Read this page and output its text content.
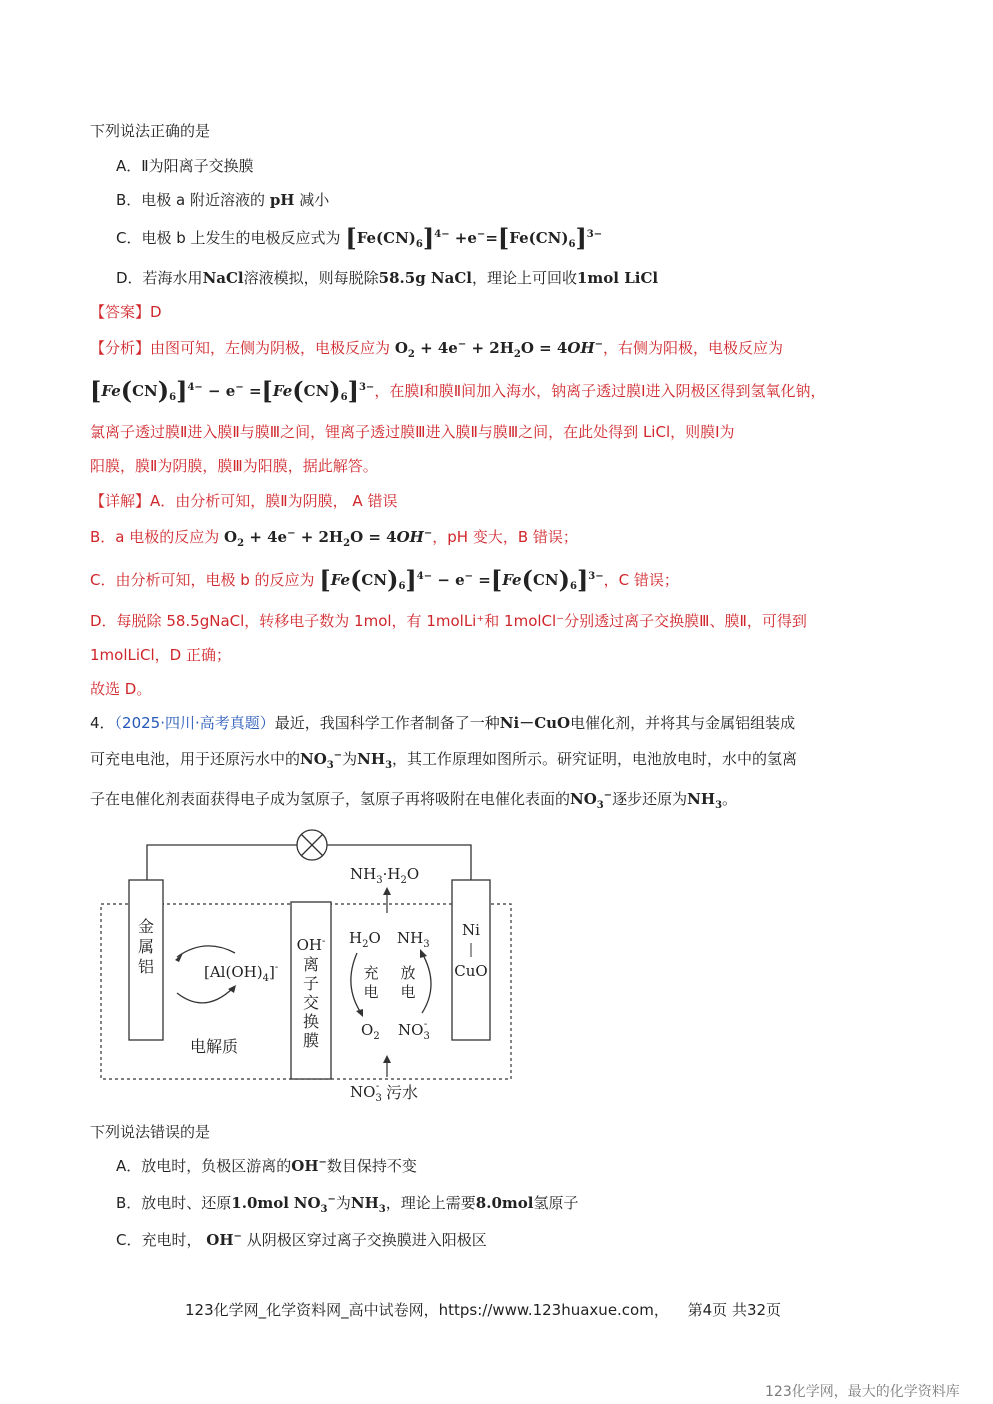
下列说法正确的是
A．Ⅱ为阳离子交换膜
B．电极 a 附近溶液的 pH 减小
C．电极 b 上发生的电极反应式为 $[Fe(CN)_6]^{4-} +e^-=[Fe(CN)_6]^{3-}$
D．若海水用NaCl溶液模拟，则每脱除58.5g NaCl，理论上可回收1mol LiCl
【答案】D
【分析】由图可知，左侧为阴极，电极反应为 $O_2 + 4e^- + 2H_2O = 4OH^-$，右侧为阳极，电极反应为
$[Fe(CN)_6]^{4-} - e^- =[Fe(CN)_6]^{3-}$，在膜Ⅰ和膜Ⅱ间加入海水，钠离子透过膜Ⅰ进入阴极区得到氢氧化钠，
氯离子透过膜Ⅱ进入膜Ⅱ与膜Ⅲ之间，锂离子透过膜Ⅲ进入膜Ⅱ与膜Ⅲ之间，在此处得到 LiCl，则膜Ⅰ为
阳膜，膜Ⅱ为阴膜，膜Ⅲ为阳膜，据此解答。
【详解】A．由分析可知，膜Ⅱ为阴膜， A 错误
B．a 电极的反应为 $O_2 + 4e^- + 2H_2O = 4OH^-$，pH 变大，B 错误；
C．由分析可知，电极 b 的反应为 $[Fe(CN)_6]^{4-} - e^- =[Fe(CN)_6]^{3-}$，C 错误；
D．每脱除 58.5gNaCl，转移电子数为 1mol，有 1molLi⁺和 1molCl⁻分别透过离子交换膜Ⅲ、膜Ⅱ，可得到
1molLiCl，D 正确；
故选 D。
4．（2025·四川·高考真题）最近，我国科学工作者制备了一种Ni－CuO电催化剂，并将其与金属铝组装成
可充电电池，用于还原污水中的$NO_3^-$为$NH_3$，其工作原理如图所示。研究证明，电池放电时，水中的氢离
子在电催化剂表面获得电子成为氢原子，氢原子再将吸附在电催化表面的$NO_3^-$逐步还原为$NH_3$。
金属铝
OH-
离子交换膜
Ni
CuO
$[Al(OH)_4]^-$
电解质
$H_2O$ $NH_3$
充电
放电
$O_2$ $NO_3-$
$NH_3\cdot H_2O$
$NO_3-$ 污水
下列说法错误的是
A．放电时，负极区游离的OH−数目保持不变
B．放电时、还原1.0mol $NO_3^-$为$NH_3$，理论上需要8.0mol氢原子
C．充电时， OH− 从阴极区穿过离子交换膜进入阳极区
123化学网_化学资料网_高中试卷网，https://www.123huaxue.com， 第4页 共32页
123化学网，最大的化学资料库
